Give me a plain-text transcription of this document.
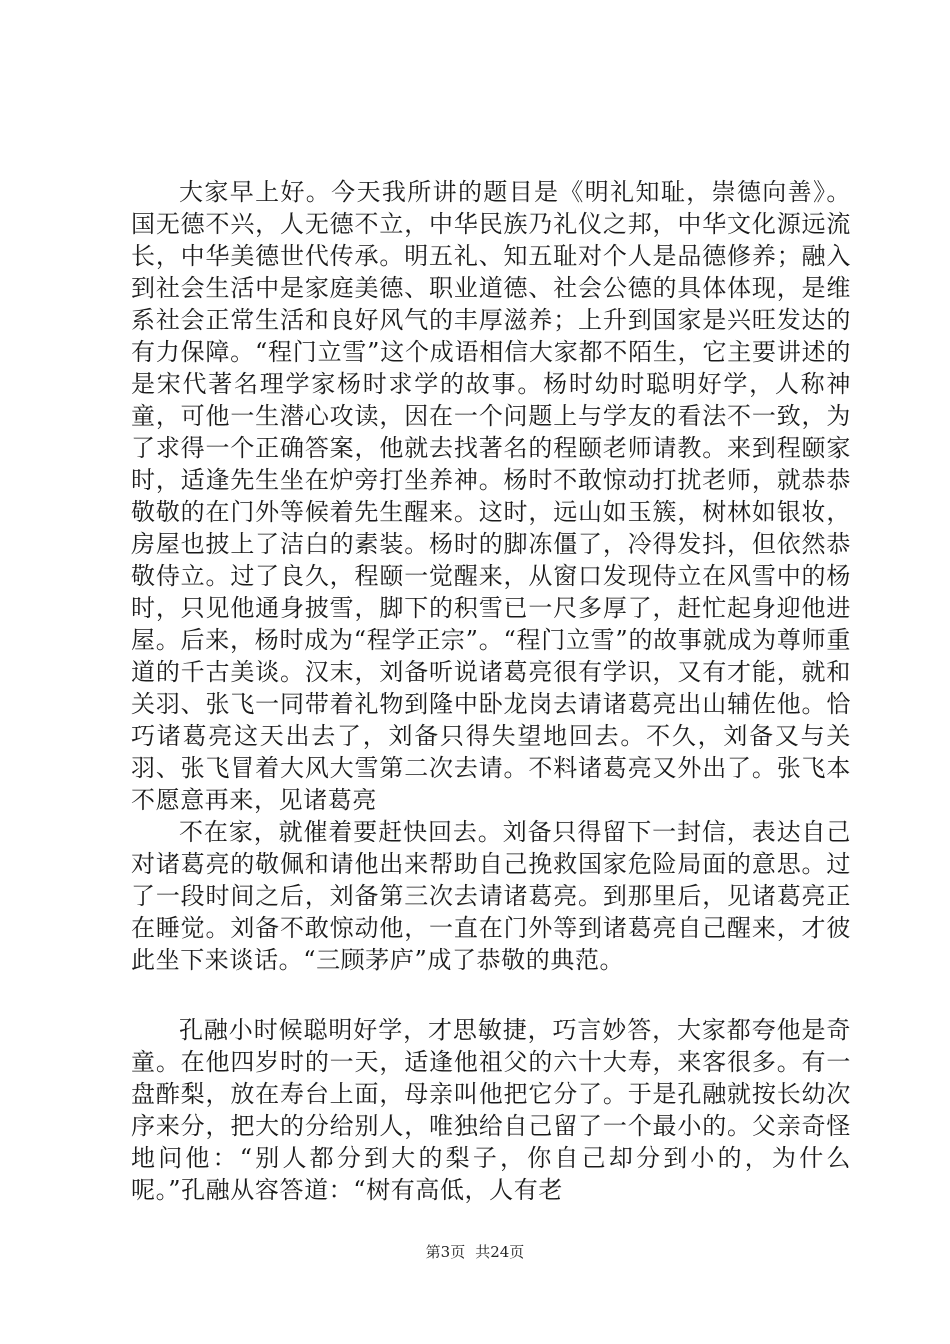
大家早上好。今天我所讲的题目是《明礼知耻，崇德向善》。国无德不兴，人无德不立，中华民族乃礼仪之邦，中华文化源远流长，中华美德世代传承。明五礼、知五耻对个人是品德修养；融入到社会生活中是家庭美德、职业道德、社会公德的具体体现，是维系社会正常生活和良好风气的丰厚滋养；上升到国家是兴旺发达的有力保障。“程门立雪”这个成语相信大家都不陌生，它主要讲述的是宋代著名理学家杨时求学的故事。杨时幼时聪明好学，人称神童，可他一生潜心攻读，因在一个问题上与学友的看法不一致，为了求得一个正确答案，他就去找著名的程颐老师请教。来到程颐家时，适逢先生坐在炉旁打坐养神。杨时不敢惊动打扰老师，就恭恭敬敬的在门外等候着先生醒来。这时，远山如玉簇，树林如银妆，房屋也披上了洁白的素装。杨时的脚冻僵了，冷得发抖，但依然恭敬侍立。过了良久，程颐一觉醒来，从窗口发现侍立在风雪中的杨时，只见他通身披雪，脚下的积雪已一尺多厚了，赶忙起身迎他进屋。后来，杨时成为“程学正宗”。“程门立雪”的故事就成为尊师重道的千古美谈。汉末，刘备听说诸葛亮很有学识，又有才能，就和关羽、张飞一同带着礼物到隆中卧龙岗去请诸葛亮出山辅佐他。恰巧诸葛亮这天出去了，刘备只得失望地回去。不久，刘备又与关羽、张飞冒着大风大雪第二次去请。不料诸葛亮又外出了。张飞本不愿意再来，见诸葛亮

不在家，就催着要赶快回去。刘备只得留下一封信，表达自己对诸葛亮的敬佩和请他出来帮助自己挽救国家危险局面的意思。过了一段时间之后，刘备第三次去请诸葛亮。到那里后，见诸葛亮正在睡觉。刘备不敢惊动他，一直在门外等到诸葛亮自己醒来，才彼此坐下来谈话。“三顾茅庐”成了恭敬的典范。

孔融小时候聪明好学，才思敏捷，巧言妙答，大家都夸他是奇童。在他四岁时的一天，适逢他祖父的六十大寿，来客很多。有一盘酢梨，放在寿台上面，母亲叫他把它分了。于是孔融就按长幼次序来分，把大的分给别人，唯独给自己留了一个最小的。父亲奇怪地问他：“别人都分到大的梨子，你自己却分到小的，为什么呢。”孔融从容答道：“树有高低，人有老

第3页 共24页
